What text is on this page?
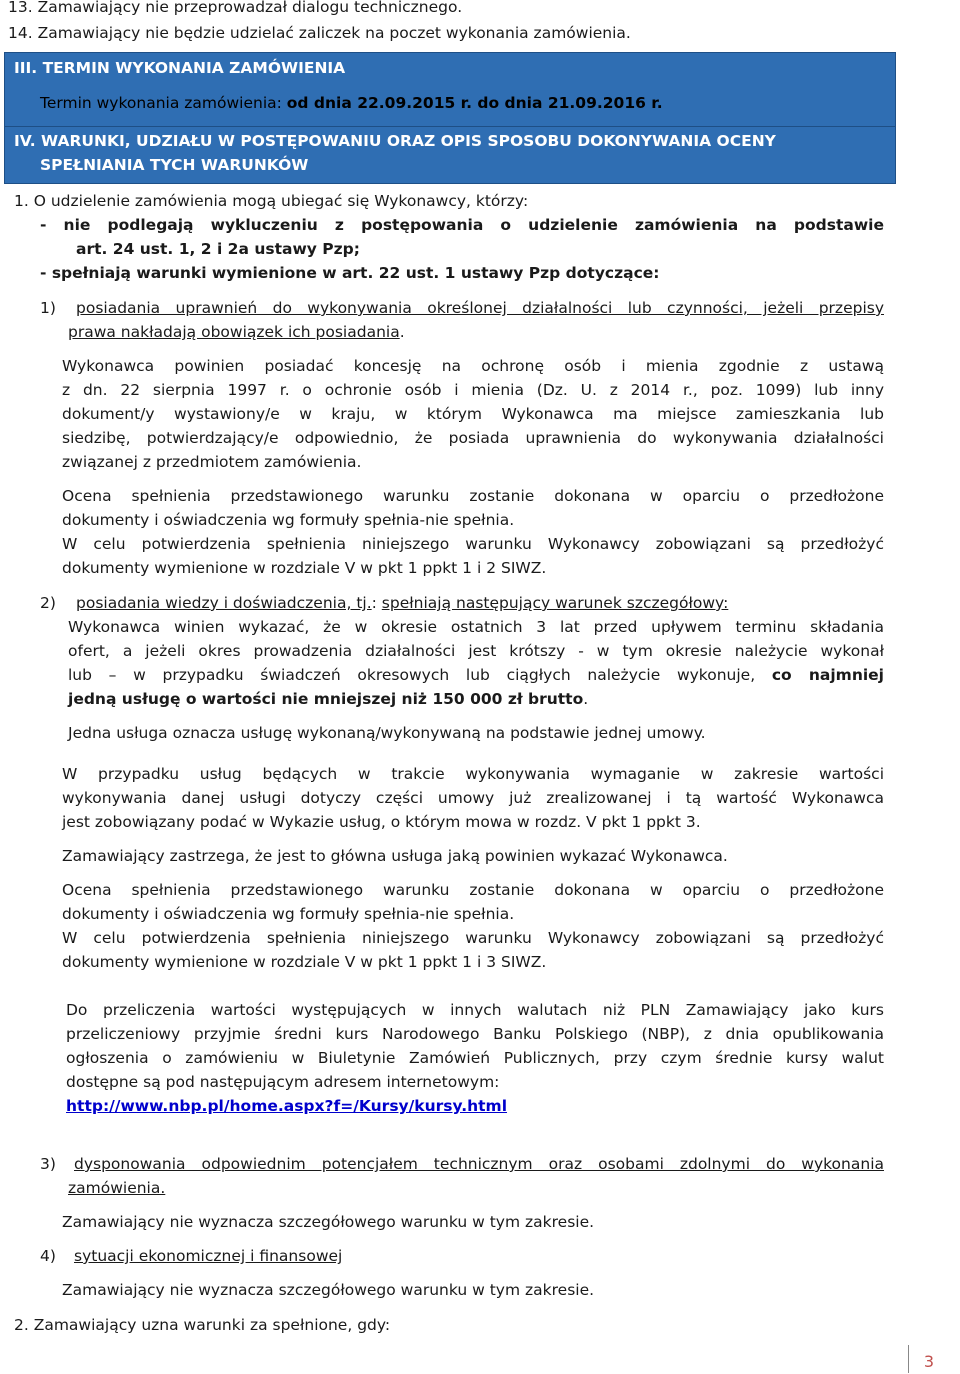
13. Zamawiający nie przeprowadzał dialogu technicznego.
14. Zamawiający nie będzie udzielać zaliczek na poczet wykonania zamówienia.
III. TERMIN WYKONANIA ZAMÓWIENIA
Termin wykonania zamówienia: od dnia 22.09.2015 r. do dnia 21.09.2016 r.
IV. WARUNKI, UDZIAŁU W POSTĘPOWANIU ORAZ OPIS SPOSOBU DOKONYWANIA OCENY
SPEŁNIANIA TYCH WARUNKÓW
1. O udzielenie zamówienia mogą ubiegać się Wykonawcy, którzy:
- nie podlegają wykluczeniu z postępowania o udzielenie zamówienia na podstawie
art. 24 ust. 1, 2 i 2a ustawy Pzp;
- spełniają warunki wymienione w art. 22 ust. 1 ustawy Pzp dotyczące:
1) posiadania uprawnień do wykonywania określonej działalności lub czynności, jeżeli przepisy
prawa nakładają obowiązek ich posiadania.
Wykonawca powinien posiadać koncesję na ochronę osób i mienia zgodnie z ustawą
z dn. 22 sierpnia 1997 r. o ochronie osób i mienia (Dz. U. z 2014 r., poz. 1099) lub inny
dokument/y wystawiony/e w kraju, w którym Wykonawca ma miejsce zamieszkania lub
siedzibę, potwierdzający/e odpowiednio, że posiada uprawnienia do wykonywania działalności
związanej z przedmiotem zamówienia.
Ocena spełnienia przedstawionego warunku zostanie dokonana w oparciu o przedłożone
dokumenty i oświadczenia wg formuły spełnia-nie spełnia.
W celu potwierdzenia spełnienia niniejszego warunku Wykonawcy zobowiązani są przedłożyć
dokumenty wymienione w rozdziale V w pkt 1 ppkt 1 i 2 SIWZ.
2) posiadania wiedzy i doświadczenia, tj.: spełniają następujący warunek szczegółowy:
Wykonawca winien wykazać, że w okresie ostatnich 3 lat przed upływem terminu składania
ofert, a jeżeli okres prowadzenia działalności jest krótszy - w tym okresie należycie wykonał
lub – w przypadku świadczeń okresowych lub ciągłych należycie wykonuje, co najmniej
jedną usługę o wartości nie mniejszej niż 150 000 zł brutto.
Jedna usługa oznacza usługę wykonaną/wykonywaną na podstawie jednej umowy.
W przypadku usług będących w trakcie wykonywania wymaganie w zakresie wartości
wykonywania danej usługi dotyczy części umowy już zrealizowanej i tą wartość Wykonawca
jest zobowiązany podać w Wykazie usług, o którym mowa w rozdz. V pkt 1 ppkt 3.
Zamawiający zastrzega, że jest to główna usługa jaką powinien wykazać Wykonawca.
Ocena spełnienia przedstawionego warunku zostanie dokonana w oparciu o przedłożone
dokumenty i oświadczenia wg formuły spełnia-nie spełnia.
W celu potwierdzenia spełnienia niniejszego warunku Wykonawcy zobowiązani są przedłożyć
dokumenty wymienione w rozdziale V w pkt 1 ppkt 1 i 3 SIWZ.
Do przeliczenia wartości występujących w innych walutach niż PLN Zamawiający jako kurs
przeliczeniowy przyjmie średni kurs Narodowego Banku Polskiego (NBP), z dnia opublikowania
ogłoszenia o zamówieniu w Biuletynie Zamówień Publicznych, przy czym średnie kursy walut
dostępne są pod następującym adresem internetowym:
http://www.nbp.pl/home.aspx?f=/Kursy/kursy.html
3) dysponowania odpowiednim potencjałem technicznym oraz osobami zdolnymi do wykonania
zamówienia.
Zamawiający nie wyznacza szczegółowego warunku w tym zakresie.
4) sytuacji ekonomicznej i finansowej
Zamawiający nie wyznacza szczegółowego warunku w tym zakresie.
2. Zamawiający uzna warunki za spełnione, gdy:
3
